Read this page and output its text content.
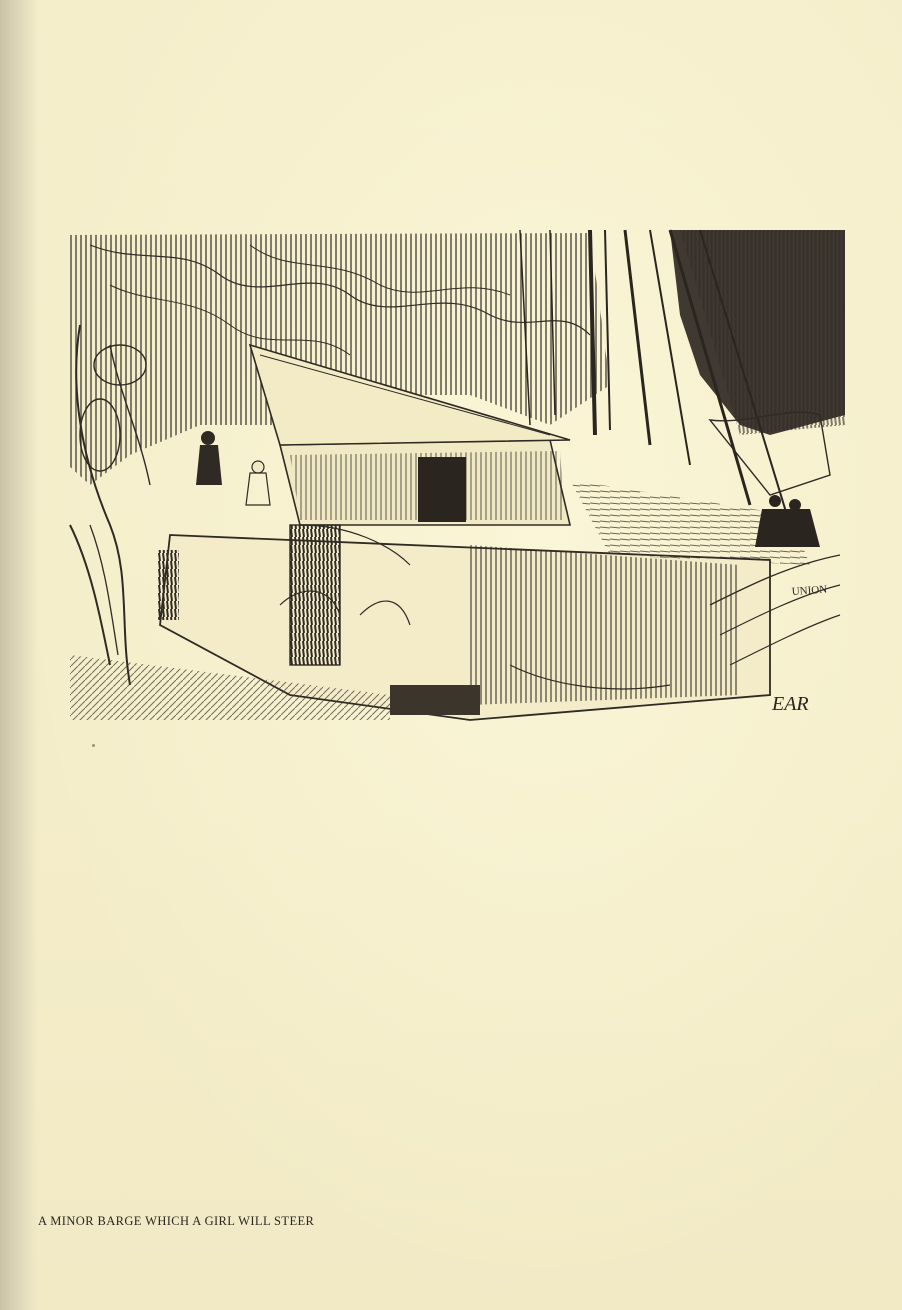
UNION
EAR
A MINOR BARGE WHICH A GIRL WILL STEER
